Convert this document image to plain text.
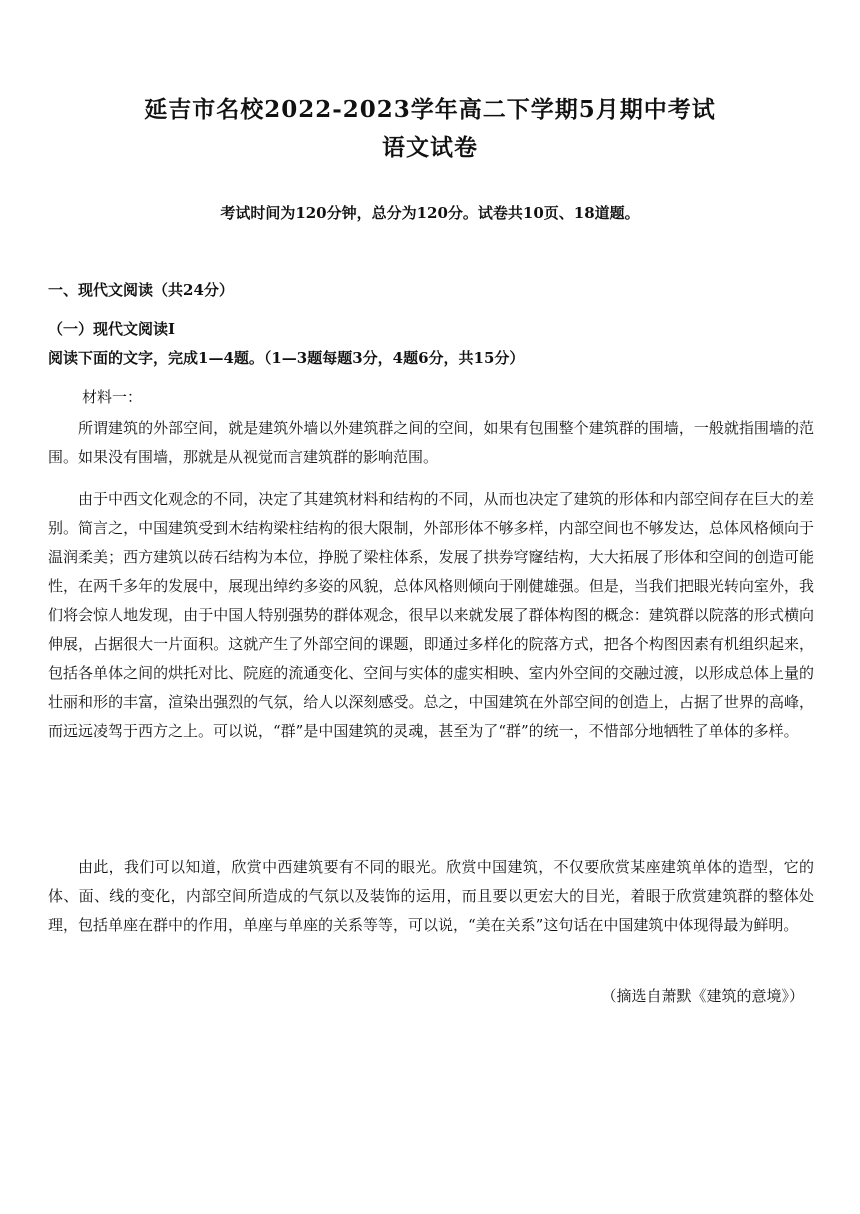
延吉市名校2022-2023学年高二下学期5月期中考试
语文试卷
考试时间为120分钟，总分为120分。试卷共10页、18道题。
一、现代文阅读（共24分）
（一）现代文阅读Ⅰ
阅读下面的文字，完成1—4题。（1—3题每题3分，4题6分，共15分）
材料一：

所谓建筑的外部空间，就是建筑外墙以外建筑群之间的空间，如果有包围整个建筑群的围墙，一般就指围墙的范围。如果没有围墙，那就是从视觉而言建筑群的影响范围。

由于中西文化观念的不同，决定了其建筑材料和结构的不同，从而也决定了建筑的形体和内部空间存在巨大的差别。简言之，中国建筑受到木结构梁柱结构的很大限制，外部形体不够多样，内部空间也不够发达，总体风格倾向于温润柔美；西方建筑以砖石结构为本位，挣脱了梁柱体系，发展了拱券穹窿结构，大大拓展了形体和空间的创造可能性，在两千多年的发展中，展现出绰约多姿的风貌，总体风格则倾向于刚健雄强。但是，当我们把眼光转向室外，我们将会惊人地发现，由于中国人特别强势的群体观念，很早以来就发展了群体构图的概念：建筑群以院落的形式横向伸展，占据很大一片面积。这就产生了外部空间的课题，即通过多样化的院落方式，把各个构图因素有机组织起来，包括各单体之间的烘托对比、院庭的流通变化、空间与实体的虚实相映、室内外空间的交融过渡，以形成总体上量的壮丽和形的丰富，渲染出强烈的气氛，给人以深刻感受。总之，中国建筑在外部空间的创造上，占据了世界的高峰，而远远凌驾于西方之上。可以说，“群”是中国建筑的灵魂，甚至为了“群”的统一，不惜部分地牺牲了单体的多样。

由此，我们可以知道，欣赏中西建筑要有不同的眼光。欣赏中国建筑，不仅要欣赏某座建筑单体的造型，它的体、面、线的变化，内部空间所造成的气氛以及装饰的运用，而且要以更宏大的目光，着眼于欣赏建筑群的整体处理，包括单座在群中的作用，单座与单座的关系等等，可以说，“美在关系”这句话在中国建筑中体现得最为鲜明。

（摘选自萧默《建筑的意境》）
